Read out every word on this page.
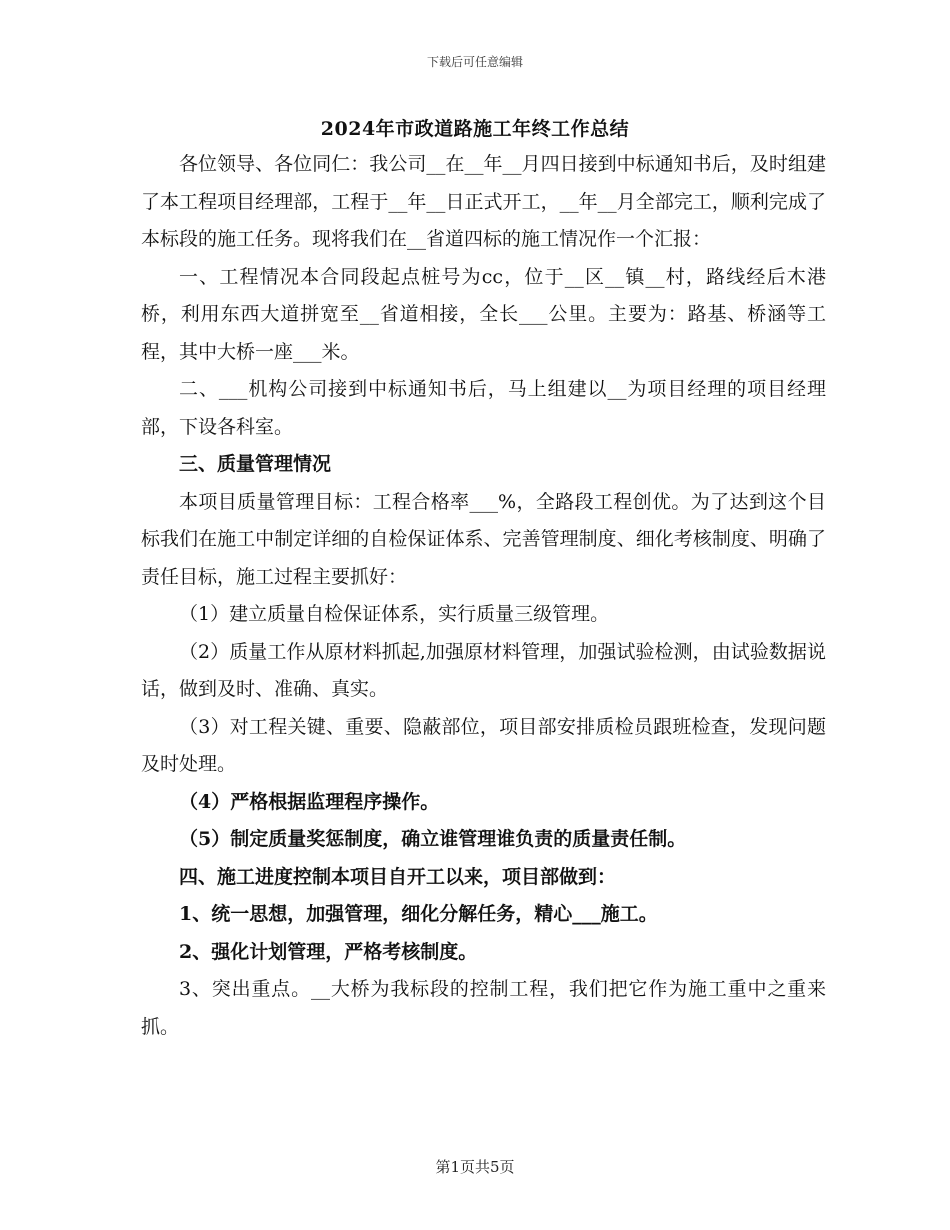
下载后可任意编辑
2024年市政道路施工年终工作总结

各位领导、各位同仁：我公司__在__年__月四日接到中标通知书后，及时组建了本工程项目经理部，工程于__年__日正式开工，__年__月全部完工，顺利完成了本标段的施工任务。现将我们在__省道四标的施工情况作一个汇报：

一、工程情况本合同段起点桩号为cc，位于__区__镇__村，路线经后木港桥，利用东西大道拼宽至__省道相接，全长___公里。主要为：路基、桥涵等工程，其中大桥一座___米。

二、___机构公司接到中标通知书后，马上组建以__为项目经理的项目经理部，下设各科室。

三、质量管理情况

本项目质量管理目标：工程合格率___%，全路段工程创优。为了达到这个目标我们在施工中制定详细的自检保证体系、完善管理制度、细化考核制度、明确了责任目标，施工过程主要抓好：

（1）建立质量自检保证体系，实行质量三级管理。

（2）质量工作从原材料抓起,加强原材料管理，加强试验检测，由试验数据说话，做到及时、准确、真实。

（3）对工程关键、重要、隐蔽部位，项目部安排质检员跟班检查，发现问题及时处理。

（4）严格根据监理程序操作。

（5）制定质量奖惩制度，确立谁管理谁负责的质量责任制。

四、施工进度控制本项目自开工以来，项目部做到：

1、统一思想，加强管理，细化分解任务，精心___施工。

2、强化计划管理，严格考核制度。

3、突出重点。__大桥为我标段的控制工程，我们把它作为施工重中之重来抓。

第1页共5页
